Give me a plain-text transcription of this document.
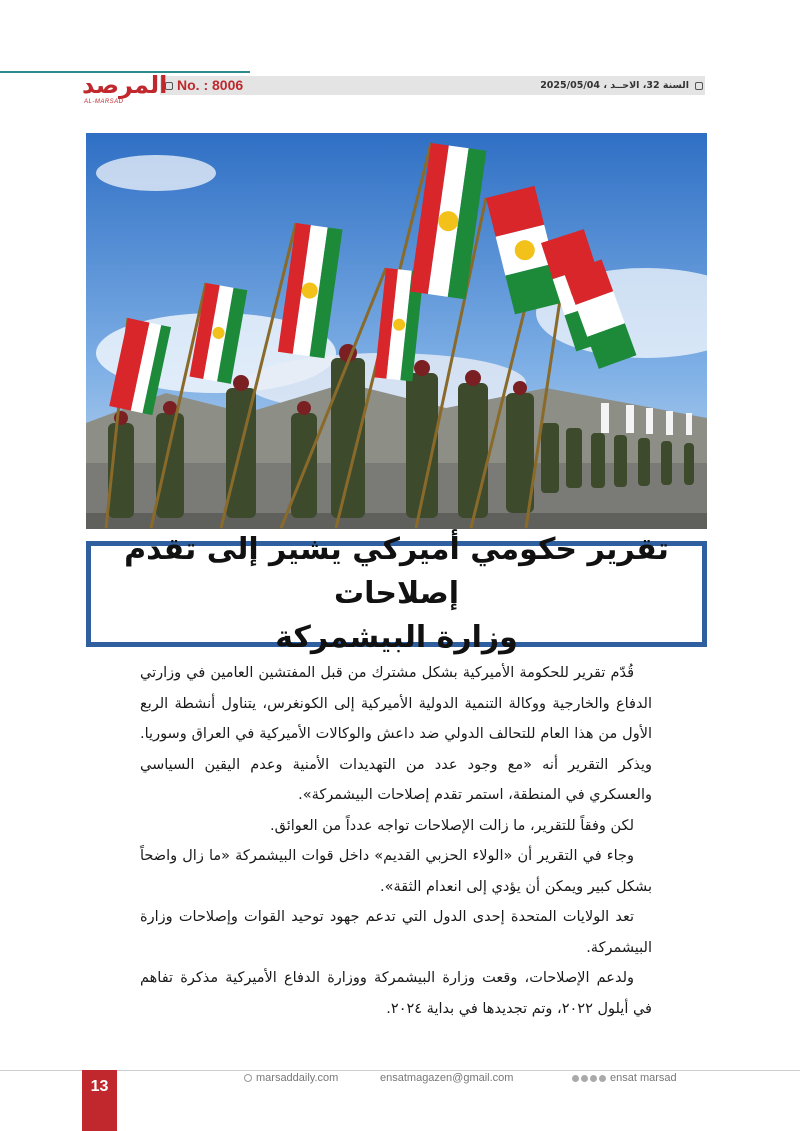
المرصد
AL-MARSAD
No. : 8006	السنة 32، الاحــد ، 2025/05/04
تقرير حكومي أميركي يشير إلى تقدم إصلاحات
وزارة البيشمركة

قُدّم تقرير للحكومة الأميركية بشكل مشترك من قبل المفتشين العامين في وزارتي الدفاع والخارجية ووكالة التنمية الدولية الأميركية إلى الكونغرس، يتناول أنشطة الربع الأول من هذا العام للتحالف الدولي ضد داعش والوكالات الأميركية في العراق وسوريا. ويذكر التقرير أنه «مع وجود عدد من التهديدات الأمنية وعدم اليقين السياسي والعسكري في المنطقة، استمر تقدم إصلاحات البيشمركة».

لكن وفقاً للتقرير، ما زالت الإصلاحات تواجه عدداً من العوائق.

وجاء في التقرير أن «الولاء الحزبي القديم» داخل قوات البيشمركة «ما زال واضحاً بشكل كبير ويمكن أن يؤدي إلى انعدام الثقة».

تعد الولايات المتحدة إحدى الدول التي تدعم جهود توحيد القوات وإصلاحات وزارة البيشمركة.

ولدعم الإصلاحات، وقعت وزارة البيشمركة ووزارة الدفاع الأميركية مذكرة تفاهم في أيلول ٢٠٢٢، وتم تجديدها في بداية ٢٠٢٤.

13	marsaddaily.com	ensatmagazen@gmail.com	ensat marsad
